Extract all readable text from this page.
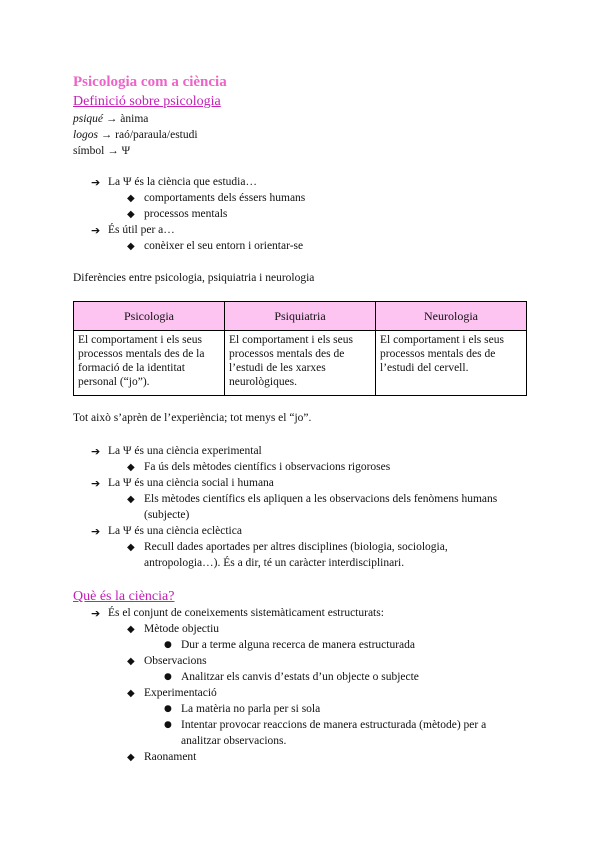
Psicologia com a ciència
Definició sobre psicologia
psiqué → ànima
logos → raó/paraula/estudi
símbol → Ψ
➔ La Ψ és la ciència que estudia…
◆ comportaments dels éssers humans
◆ processos mentals
➔ És útil per a…
◆ conèixer el seu entorn i orientar-se
Diferències entre psicologia, psiquiatria i neurologia
Psicologia	Psiquiatria	Neurologia
El comportament i els seus processos mentals des de la formació de la identitat personal (“jo”).	El comportament i els seus processos mentals des de l’estudi de les xarxes neurològiques.	El comportament i els seus processos mentals des de l’estudi del cervell.
Tot això s’aprèn de l’experiència; tot menys el “jo”.
➔ La Ψ és una ciència experimental
◆ Fa ús dels mètodes científics i observacions rigoroses
➔ La Ψ és una ciència social i humana
◆ Els mètodes científics els apliquen a les observacions dels fenòmens humans
(subjecte)
➔ La Ψ és una ciència eclèctica
◆ Recull dades aportades per altres disciplines (biologia, sociologia,
antropologia…). És a dir, té un caràcter interdisciplinari.
Què és la ciència?
➔ És el conjunt de coneixements sistemàticament estructurats:
◆ Mètode objectiu
● Dur a terme alguna recerca de manera estructurada
◆ Observacions
● Analitzar els canvis d’estats d’un objecte o subjecte
◆ Experimentació
● La matèria no parla per si sola
● Intentar provocar reaccions de manera estructurada (mètode) per a
analitzar observacions.
◆ Raonament
